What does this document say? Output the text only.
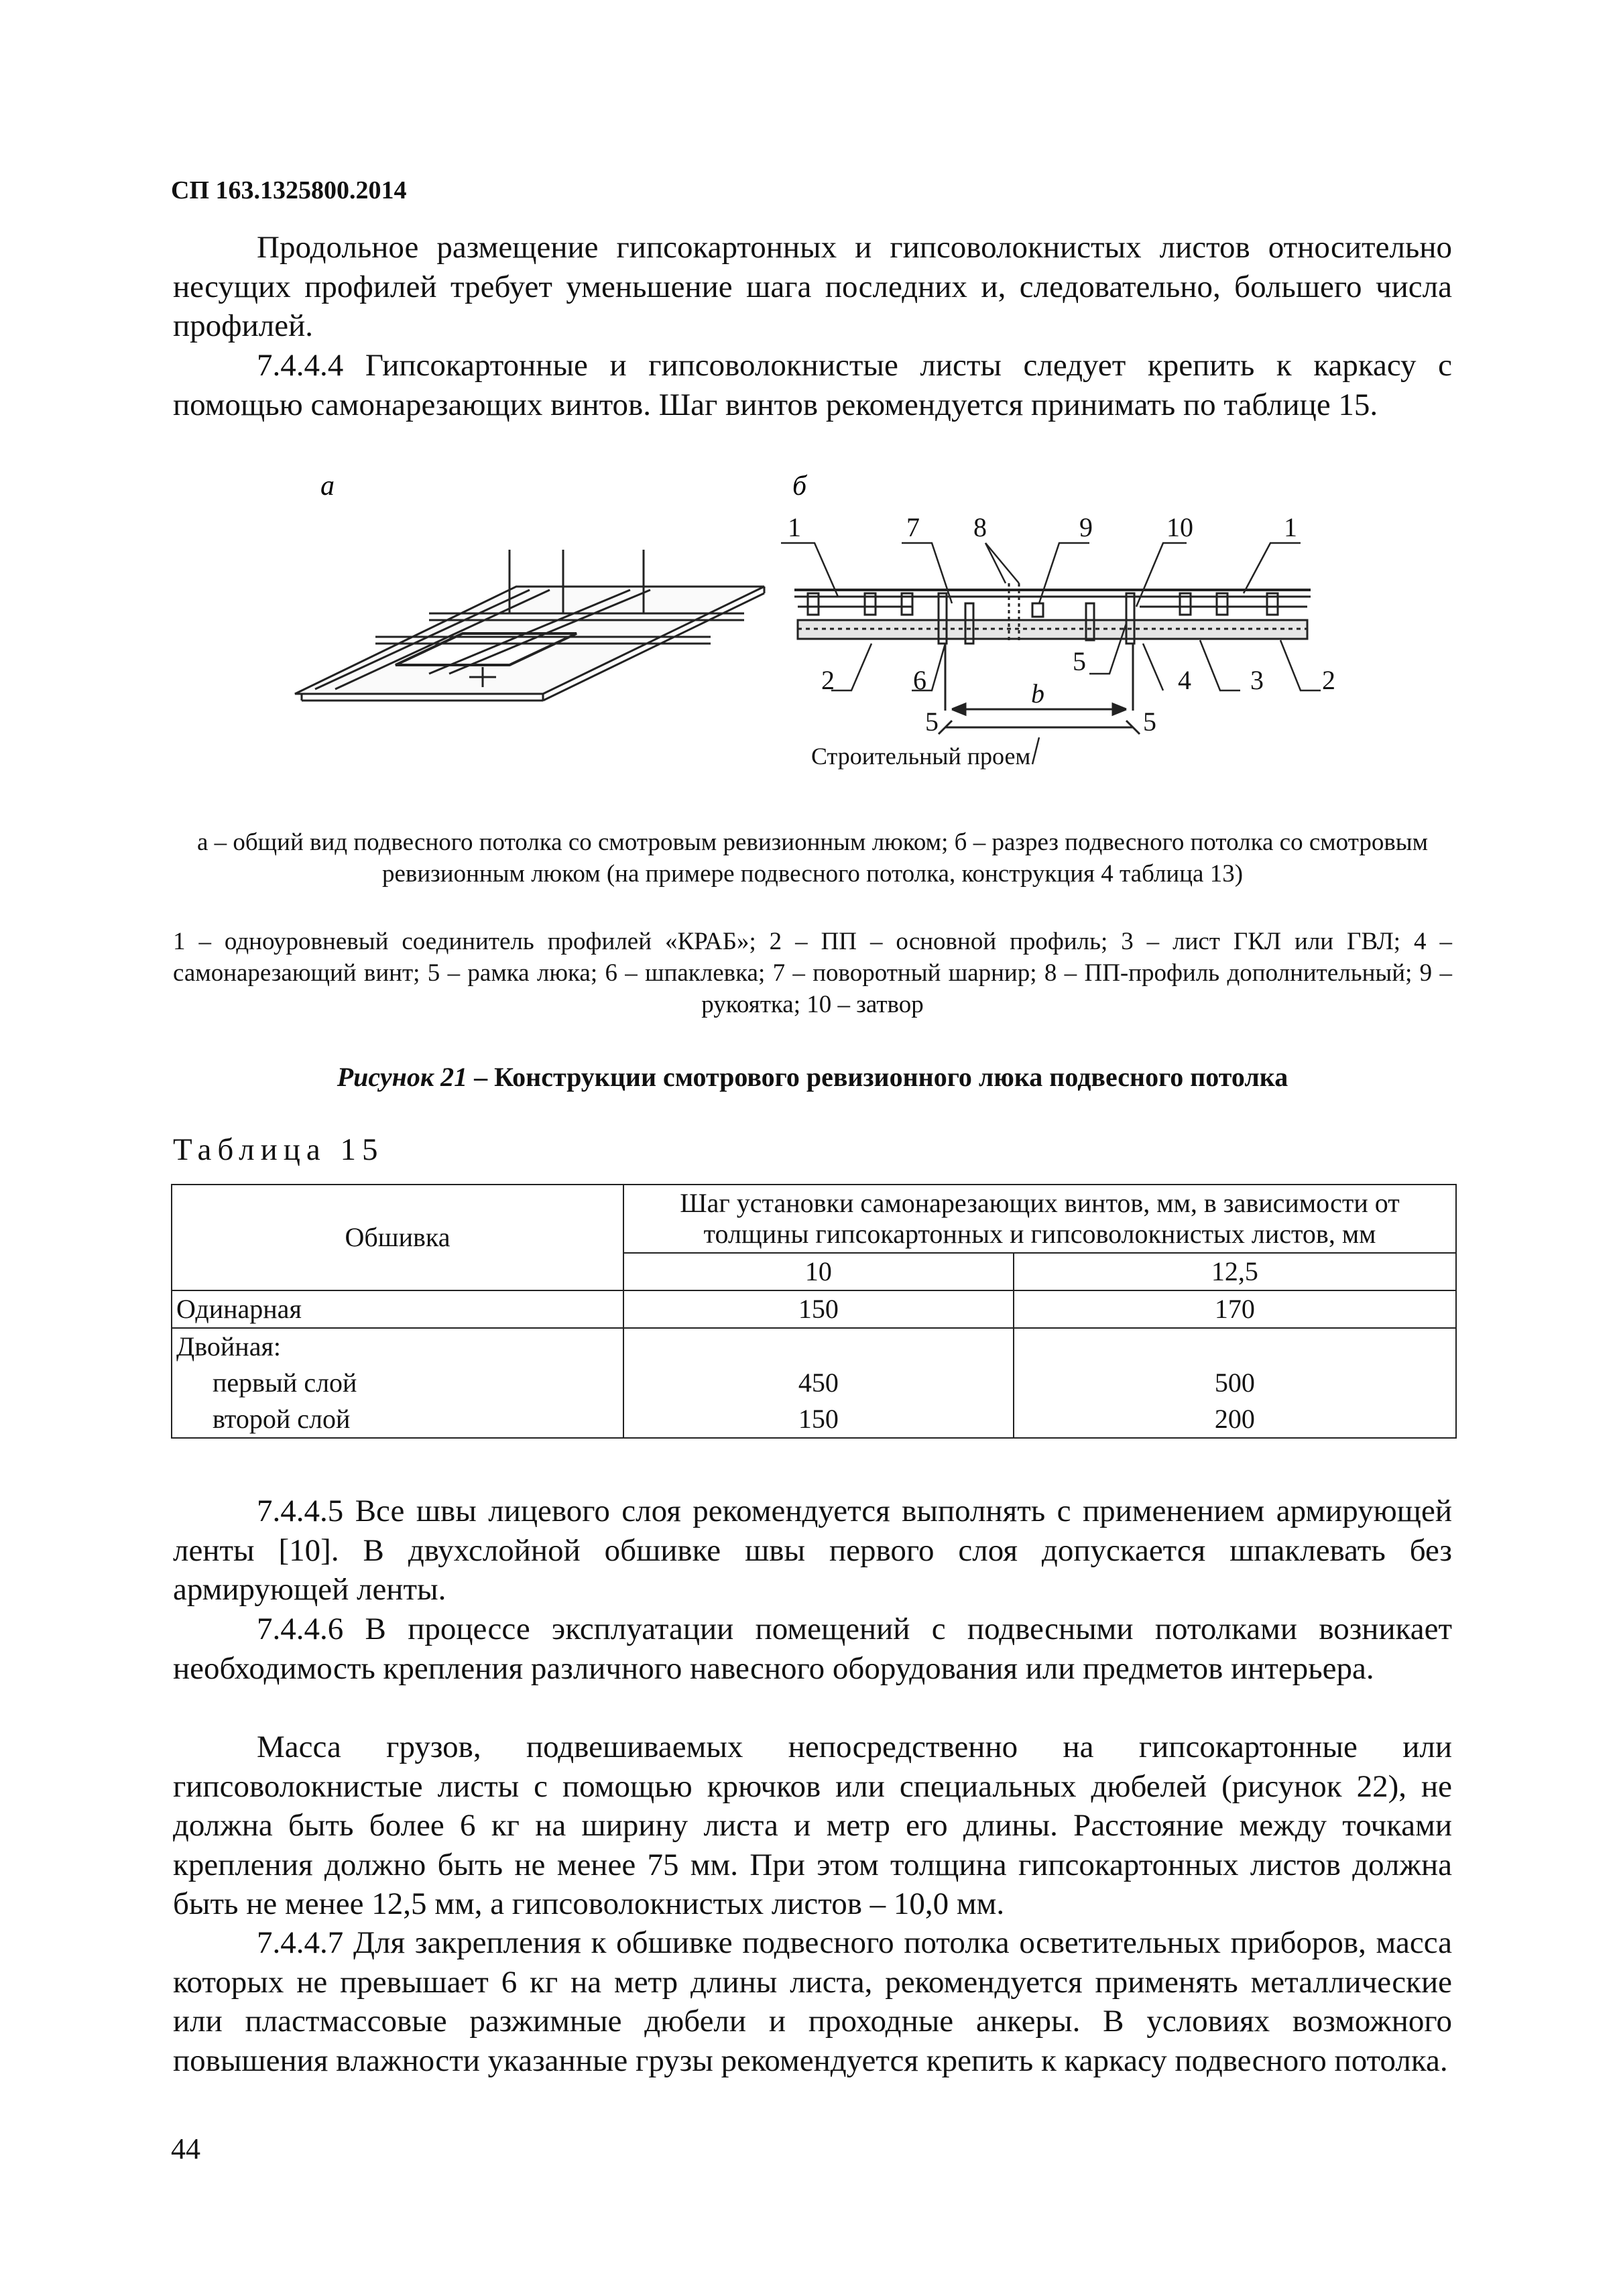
СП 163.1325800.2014

Продольное размещение гипсокартонных и гипсоволокнистых листов относительно несущих профилей требует уменьшение шага последних и, следовательно, большего числа профилей.

7.4.4.4 Гипсокартонные и гипсоволокнистые листы следует крепить к каркасу с помощью самонарезающих винтов. Шаг винтов рекомендуется принимать по таблице 15.

а	б
1	7 8	9	10	1
2	6
5
4 3 2
b
5	5
Строительный проем
а – общий вид подвесного потолка со смотровым ревизионным люком; б – разрез подвесного потолка со смотровым ревизионным люком (на примере подвесного потолка, конструкция 4 таблица 13)
1 – одноуровневый соединитель профилей «КРАБ»; 2 – ПП – основной профиль; 3 – лист ГКЛ или ГВЛ; 4 – самонарезающий винт; 5 – рамка люка; 6 – шпаклевка; 7 – поворотный шарнир; 8 – ПП-профиль дополнительный; 9 – рукоятка; 10 – затвор
Рисунок 21 – Конструкции смотрового ревизионного люка подвесного потолка
Таблица 15
Обшивка	Шаг установки самонарезающих винтов, мм, в зависимости от толщины гипсокартонных и гипсоволокнистых листов, мм	
	10	12,5
Одинарная	150	170
Двойная:		
первый слой	450	500
второй слой	150	200

7.4.4.5 Все швы лицевого слоя рекомендуется выполнять с применением армирующей ленты [10]. В двухслойной обшивке швы первого слоя допускается шпаклевать без армирующей ленты.

7.4.4.6 В процессе эксплуатации помещений с подвесными потолками возникает необходимость крепления различного навесного оборудования или предметов интерьера.

Масса грузов, подвешиваемых непосредственно на гипсокартонные или гипсоволокнистые листы с помощью крючков или специальных дюбелей (рисунок 22), не должна быть более 6 кг на ширину листа и метр его длины. Расстояние между точками крепления должно быть не менее 75 мм. При этом толщина гипсокартонных листов должна быть не менее 12,5 мм, а гипсоволокнистых листов – 10,0 мм.

7.4.4.7 Для закрепления к обшивке подвесного потолка осветительных приборов, масса которых не превышает 6 кг на метр длины листа, рекомендуется применять металлические или пластмассовые разжимные дюбели и проходные анкеры. В условиях возможного повышения влажности указанные грузы рекомендуется крепить к каркасу подвесного потолка.

44
